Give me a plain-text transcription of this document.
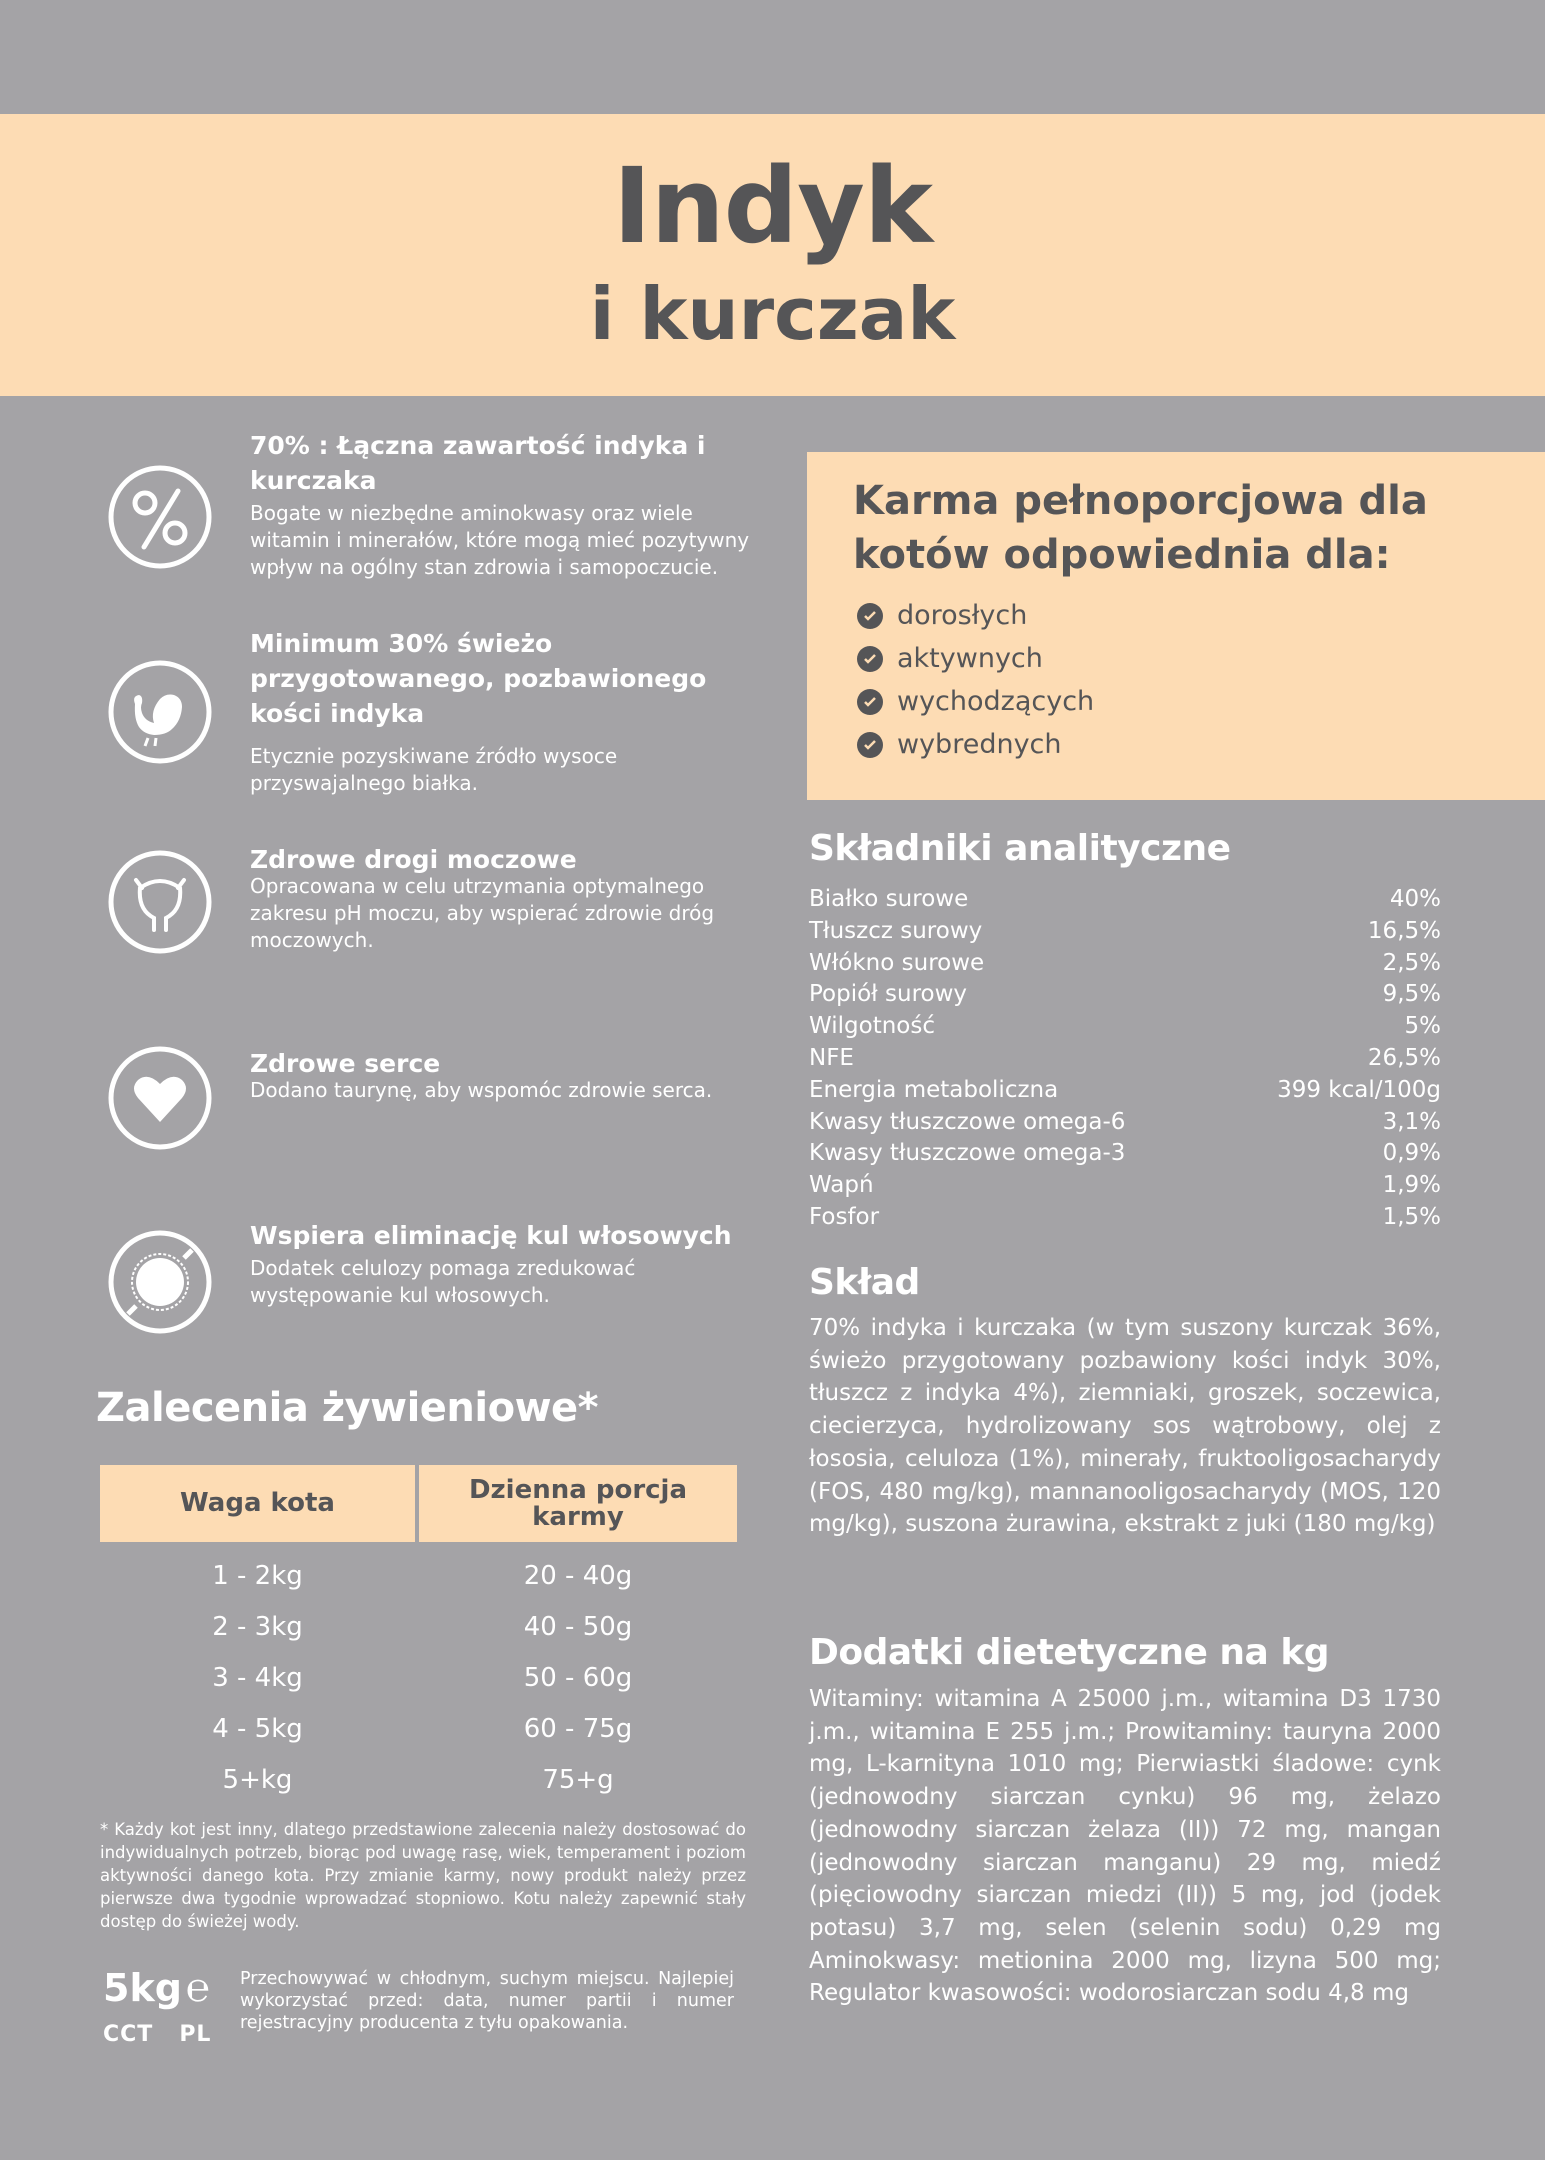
Indyk
i kurczak
70% : Łączna zawartość indyka i kurczaka
Bogate w niezbędne aminokwasy oraz wiele witamin i minerałów, które mogą mieć pozytywny wpływ na ogólny stan zdrowia i samopoczucie.
Minimum 30% świeżo przygotowanego, pozbawionego kości indyka
Etycznie pozyskiwane źródło wysoce przyswajalnego białka.
Zdrowe drogi moczowe
Opracowana w celu utrzymania optymalnego zakresu pH moczu, aby wspierać zdrowie dróg moczowych.
Zdrowe serce
Dodano taurynę, aby wspomóc zdrowie serca.
Wspiera eliminację kul włosowych
Dodatek celulozy pomaga zredukować występowanie kul włosowych.
Zalecenia żywieniowe*
Waga kota	Dzienna porcja karmy
1 - 2kg	20 - 40g
2 - 3kg	40 - 50g
3 - 4kg	50 - 60g
4 - 5kg	60 - 75g
5+kg	75+g
* Każdy kot jest inny, dlatego przedstawione zalecenia należy dostosować do indywidualnych potrzeb, biorąc pod uwagę rasę, wiek, temperament i poziom aktywności danego kota. Przy zmianie karmy, nowy produkt należy przez pierwsze dwa tygodnie wprowadzać stopniowo. Kotu należy zapewnić stały dostęp do świeżej wody.
5kg ℮
CCT PL
Przechowywać w chłodnym, suchym miejscu. Najlepiej wykorzystać przed: data, numer partii i numer rejestracyjny producenta z tyłu opakowania.
Karma pełnoporcjowa dla kotów odpowiednia dla:
dorosłych
aktywnych
wychodzących
wybrednych
Składniki analityczne
Białko surowe	40%
Tłuszcz surowy	16,5%
Włókno surowe	2,5%
Popiół surowy	9,5%
Wilgotność	5%
NFE	26,5%
Energia metaboliczna	399 kcal/100g
Kwasy tłuszczowe omega-6	3,1%
Kwasy tłuszczowe omega-3	0,9%
Wapń	1,9%
Fosfor	1,5%
Skład
70% indyka i kurczaka (w tym suszony kurczak 36%, świeżo przygotowany pozbawiony kości indyk 30%, tłuszcz z indyka 4%), ziemniaki, groszek, soczewica, ciecierzyca, hydrolizowany sos wątrobowy, olej z łososia, celuloza (1%), minerały, fruktooligosacharydy (FOS, 480 mg/kg), mannanooligosacharydy (MOS, 120 mg/kg), suszona żurawina, ekstrakt z juki (180 mg/kg)
Dodatki dietetyczne na kg
Witaminy: witamina A 25000 j.m., witamina D3 1730 j.m., witamina E 255 j.m.; Prowitaminy: tauryna 2000 mg, L-karnityna 1010 mg; Pierwiastki śladowe: cynk (jednowodny siarczan cynku) 96 mg, żelazo (jednowodny siarczan żelaza (II)) 72 mg, mangan (jednowodny siarczan manganu) 29 mg, miedź (pięciowodny siarczan miedzi (II)) 5 mg, jod (jodek potasu) 3,7 mg, selen (selenin sodu) 0,29 mg Aminokwasy: metionina 2000 mg, lizyna 500 mg; Regulator kwasowości: wodorosiarczan sodu 4,8 mg
